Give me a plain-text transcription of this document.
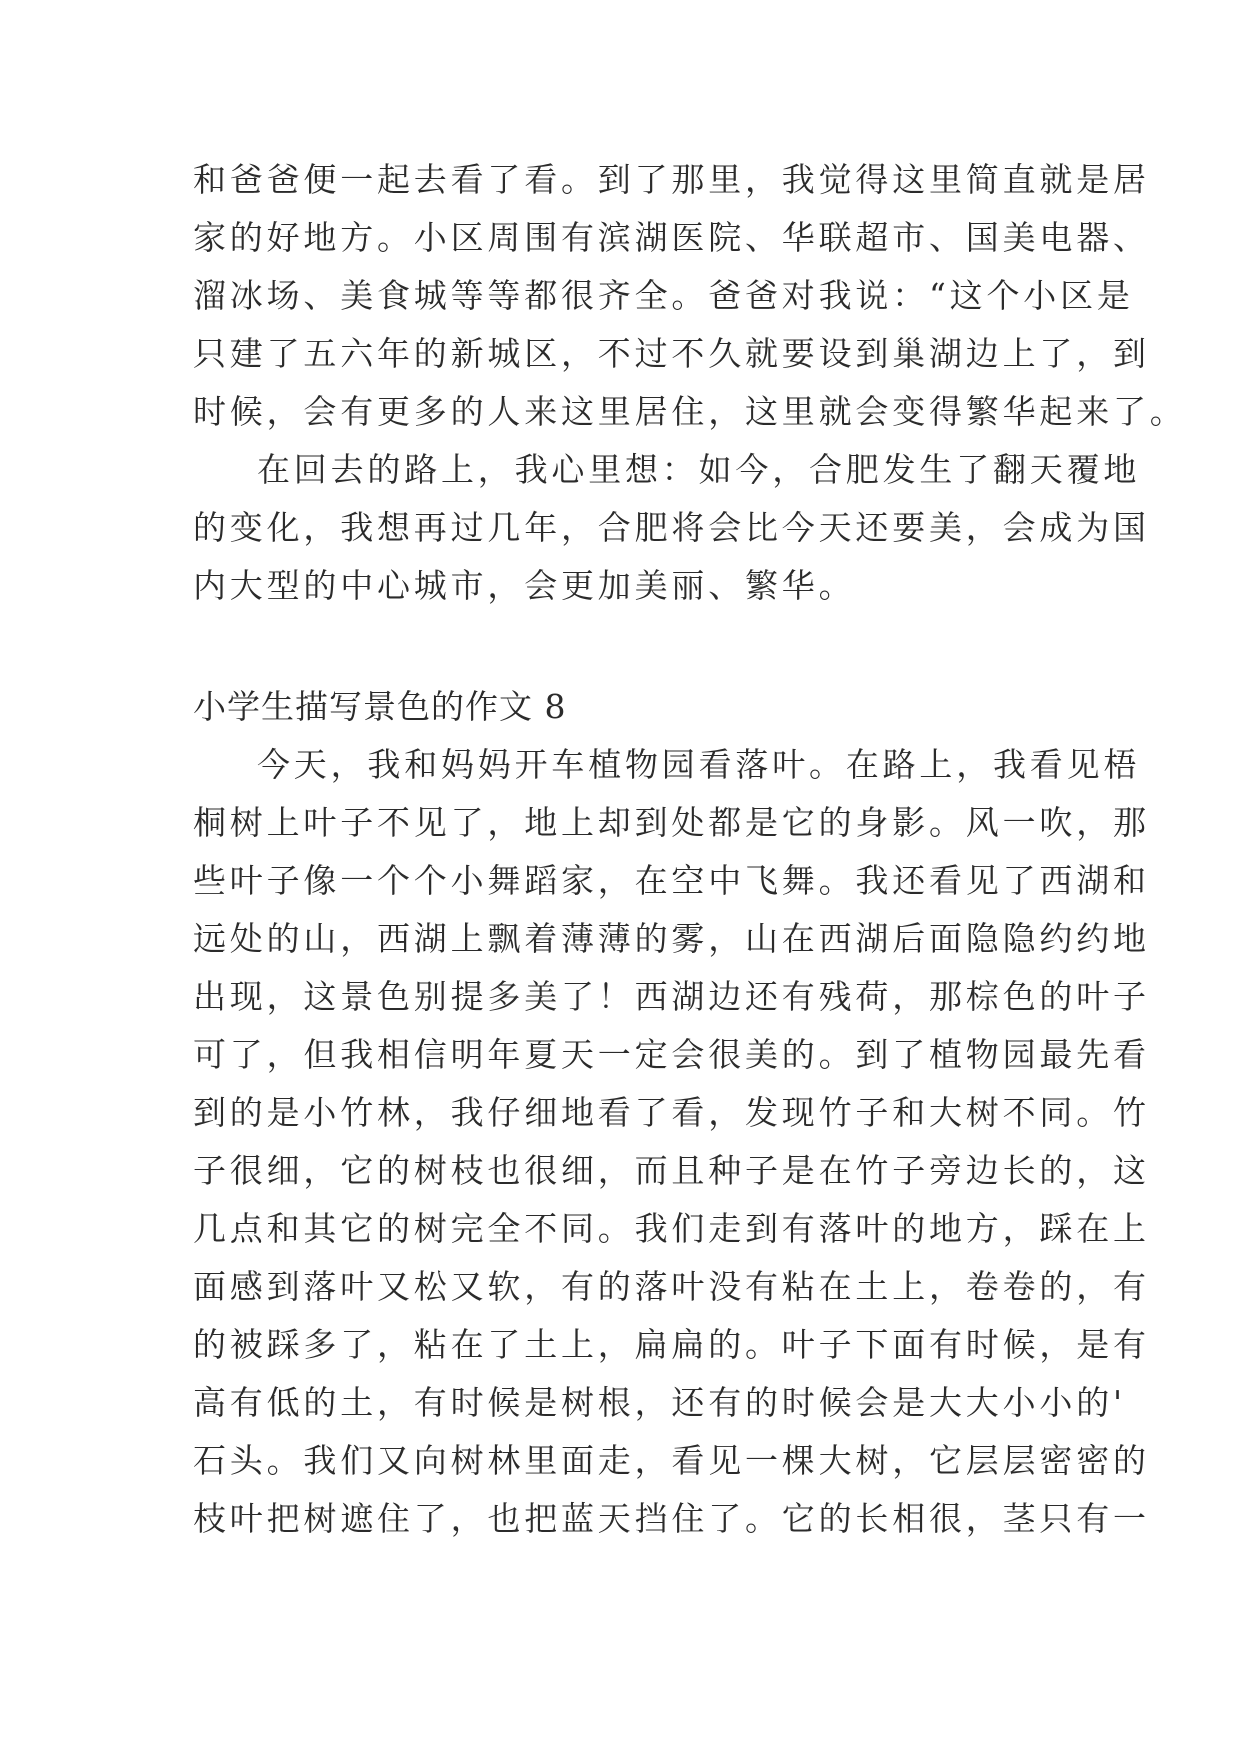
和爸爸便一起去看了看。到了那里，我觉得这里简直就是居
家的好地方。小区周围有滨湖医院、华联超市、国美电器、
溜冰场、美食城等等都很齐全。爸爸对我说：“这个小区是
只建了五六年的新城区，不过不久就要设到巢湖边上了，到
时候，会有更多的人来这里居住，这里就会变得繁华起来了。
在回去的路上，我心里想：如今，合肥发生了翻天覆地
的变化，我想再过几年，合肥将会比今天还要美，会成为国
内大型的中心城市，会更加美丽、繁华。
小学生描写景色的作文 8
今天，我和妈妈开车植物园看落叶。在路上，我看见梧
桐树上叶子不见了，地上却到处都是它的身影。风一吹，那
些叶子像一个个小舞蹈家，在空中飞舞。我还看见了西湖和
远处的山，西湖上飘着薄薄的雾，山在西湖后面隐隐约约地
出现，这景色别提多美了！西湖边还有残荷，那棕色的叶子
可了，但我相信明年夏天一定会很美的。到了植物园最先看
到的是小竹林，我仔细地看了看，发现竹子和大树不同。竹
子很细，它的树枝也很细，而且种子是在竹子旁边长的，这
几点和其它的树完全不同。我们走到有落叶的地方，踩在上
面感到落叶又松又软，有的落叶没有粘在土上，卷卷的，有
的被踩多了，粘在了土上，扁扁的。叶子下面有时候，是有
高有低的土，有时候是树根，还有的时候会是大大小小的'
石头。我们又向树林里面走，看见一棵大树，它层层密密的
枝叶把树遮住了，也把蓝天挡住了。它的长相很，茎只有一
